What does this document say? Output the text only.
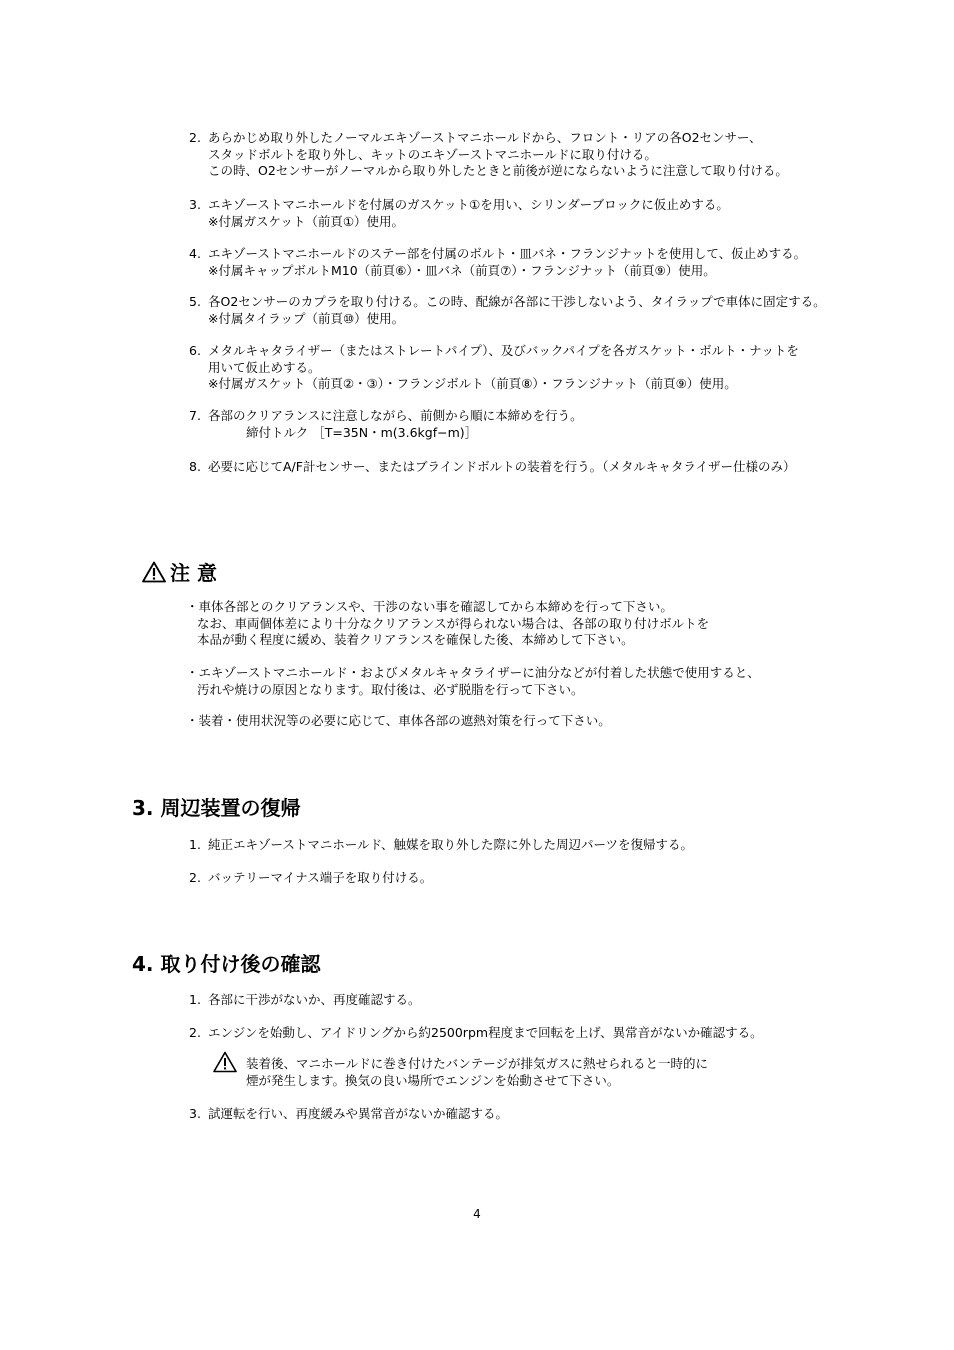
2. あらかじめ取り外したノーマルエキゾーストマニホールドから、フロント・リアの各O2センサー、
スタッドボルトを取り外し、キットのエキゾーストマニホールドに取り付ける。
この時、O2センサーがノーマルから取り外したときと前後が逆にならないように注意して取り付ける。
3. エキゾーストマニホールドを付属のガスケット①を用い、シリンダーブロックに仮止めする。
※付属ガスケット（前頁①）使用。
4. エキゾーストマニホールドのステー部を付属のボルト・皿バネ・フランジナットを使用して、仮止めする。
※付属キャップボルトM10（前頁⑥）・皿バネ（前頁⑦）・フランジナット（前頁⑨）使用。
5. 各O2センサーのカプラを取り付ける。この時、配線が各部に干渉しないよう、タイラップで車体に固定する。
※付属タイラップ（前頁⑩）使用。
6. メタルキャタライザー（またはストレートパイプ）、及びバックパイプを各ガスケット・ボルト・ナットを
用いて仮止めする。
※付属ガスケット（前頁②・③）・フランジボルト（前頁⑧）・フランジナット（前頁⑨）使用。
7. 各部のクリアランスに注意しながら、前側から順に本締めを行う。
締付トルク ［T=35N・m(3.6kgf−m)］
8. 必要に応じてA/F計センサー、またはブラインドボルトの装着を行う。（メタルキャタライザー仕様のみ）
注 意
・車体各部とのクリアランスや、干渉のない事を確認してから本締めを行って下さい。
なお、車両個体差により十分なクリアランスが得られない場合は、各部の取り付けボルトを
本品が動く程度に緩め、装着クリアランスを確保した後、本締めして下さい。
・エキゾーストマニホールド・およびメタルキャタライザーに油分などが付着した状態で使用すると、
汚れや焼けの原因となります。取付後は、必ず脱脂を行って下さい。
・装着・使用状況等の必要に応じて、車体各部の遮熱対策を行って下さい。
3. 周辺装置の復帰
1. 純正エキゾーストマニホールド、触媒を取り外した際に外した周辺パーツを復帰する。
2. バッテリーマイナス端子を取り付ける。
4. 取り付け後の確認
1. 各部に干渉がないか、再度確認する。
2. エンジンを始動し、アイドリングから約2500rpm程度まで回転を上げ、異常音がないか確認する。
装着後、マニホールドに巻き付けたバンテージが排気ガスに熱せられると一時的に
煙が発生します。換気の良い場所でエンジンを始動させて下さい。
3. 試運転を行い、再度緩みや異常音がないか確認する。
4
